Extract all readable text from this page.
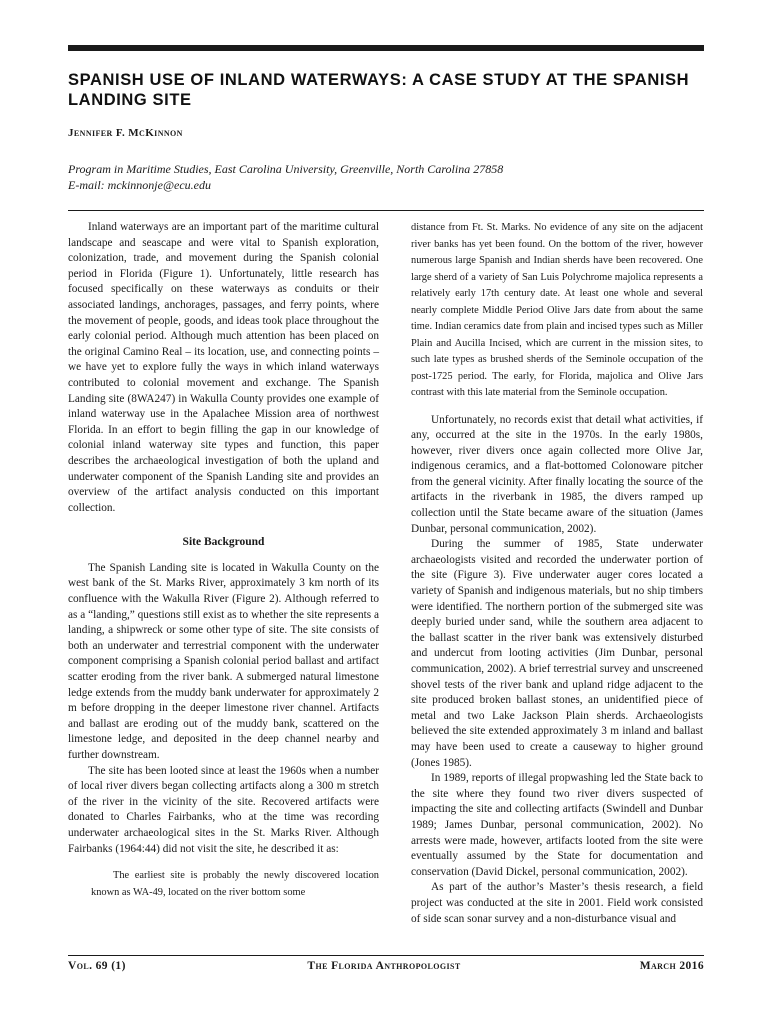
SPANISH USE OF INLAND WATERWAYS: A CASE STUDY AT THE SPANISH LANDING SITE
Jennifer F. McKinnon
Program in Maritime Studies, East Carolina University, Greenville, North Carolina 27858
E-mail: mckinnonje@ecu.edu

Inland waterways are an important part of the maritime cultural landscape and seascape and were vital to Spanish exploration, colonization, trade, and movement during the Spanish colonial period in Florida (Figure 1). Unfortunately, little research has focused specifically on these waterways as conduits or their associated landings, anchorages, passages, and ferry points, where the movement of people, goods, and ideas took place throughout the early colonial period. Although much attention has been placed on the original Camino Real – its location, use, and connecting points – we have yet to explore fully the ways in which inland waterways contributed to colonial movement and exchange. The Spanish Landing site (8WA247) in Wakulla County provides one example of inland waterway use in the Apalachee Mission area of northwest Florida. In an effort to begin filling the gap in our knowledge of colonial inland waterway site types and function, this paper describes the archaeological investigation of both the upland and underwater component of the Spanish Landing site and provides an overview of the artifact analysis conducted on this important collection.

Site Background

The Spanish Landing site is located in Wakulla County on the west bank of the St. Marks River, approximately 3 km north of its confluence with the Wakulla River (Figure 2). Although referred to as a “landing,” questions still exist as to whether the site represents a landing, a shipwreck or some other type of site. The site consists of both an underwater and terrestrial component with the underwater component comprising a Spanish colonial period ballast and artifact scatter eroding from the river bank. A submerged natural limestone ledge extends from the muddy bank underwater for approximately 2 m before dropping in the deeper limestone river channel. Artifacts and ballast are eroding out of the muddy bank, scattered on the limestone ledge, and deposited in the deep channel nearby and further downstream.

The site has been looted since at least the 1960s when a number of local river divers began collecting artifacts along a 300 m stretch of the river in the vicinity of the site. Recovered artifacts were donated to Charles Fairbanks, who at the time was recording underwater archaeological sites in the St. Marks River. Although Fairbanks (1964:44) did not visit the site, he described it as:

The earliest site is probably the newly discovered location known as WA-49, located on the river bottom some

distance from Ft. St. Marks. No evidence of any site on the adjacent river banks has yet been found. On the bottom of the river, however numerous large Spanish and Indian sherds have been recovered. One large sherd of a variety of San Luis Polychrome majolica represents a relatively early 17th century date. At least one whole and several nearly complete Middle Period Olive Jars date from about the same time. Indian ceramics date from plain and incised types such as Miller Plain and Aucilla Incised, which are current in the mission sites, to such late types as brushed sherds of the Seminole occupation of the post-1725 period. The early, for Florida, majolica and Olive Jars contrast with this late material from the Seminole occupation.

Unfortunately, no records exist that detail what activities, if any, occurred at the site in the 1970s. In the early 1980s, however, river divers once again collected more Olive Jar, indigenous ceramics, and a flat-bottomed Colonoware pitcher from the general vicinity. After finally locating the source of the artifacts in the riverbank in 1985, the divers ramped up collection until the State became aware of the situation (James Dunbar, personal communication, 2002).

During the summer of 1985, State underwater archaeologists visited and recorded the underwater portion of the site (Figure 3). Five underwater auger cores located a variety of Spanish and indigenous materials, but no ship timbers were identified. The northern portion of the submerged site was deeply buried under sand, while the southern area adjacent to the ballast scatter in the river bank was extensively disturbed and undercut from looting activities (Jim Dunbar, personal communication, 2002). A brief terrestrial survey and unscreened shovel tests of the river bank and upland ridge adjacent to the site produced broken ballast stones, an unidentified piece of metal and two Lake Jackson Plain sherds. Archaeologists believed the site extended approximately 3 m inland and ballast may have been used to create a causeway to higher ground (Jones 1985).

In 1989, reports of illegal propwashing led the State back to the site where they found two river divers suspected of impacting the site and collecting artifacts (Swindell and Dunbar 1989; James Dunbar, personal communication, 2002). No arrests were made, however, artifacts looted from the site were eventually assumed by the State for documentation and conservation (David Dickel, personal communication, 2002).

As part of the author’s Master’s thesis research, a field project was conducted at the site in 2001. Field work consisted of side scan sonar survey and a non-disturbance visual and

Vol. 69 (1)	The Florida Anthropologist	March 2016
